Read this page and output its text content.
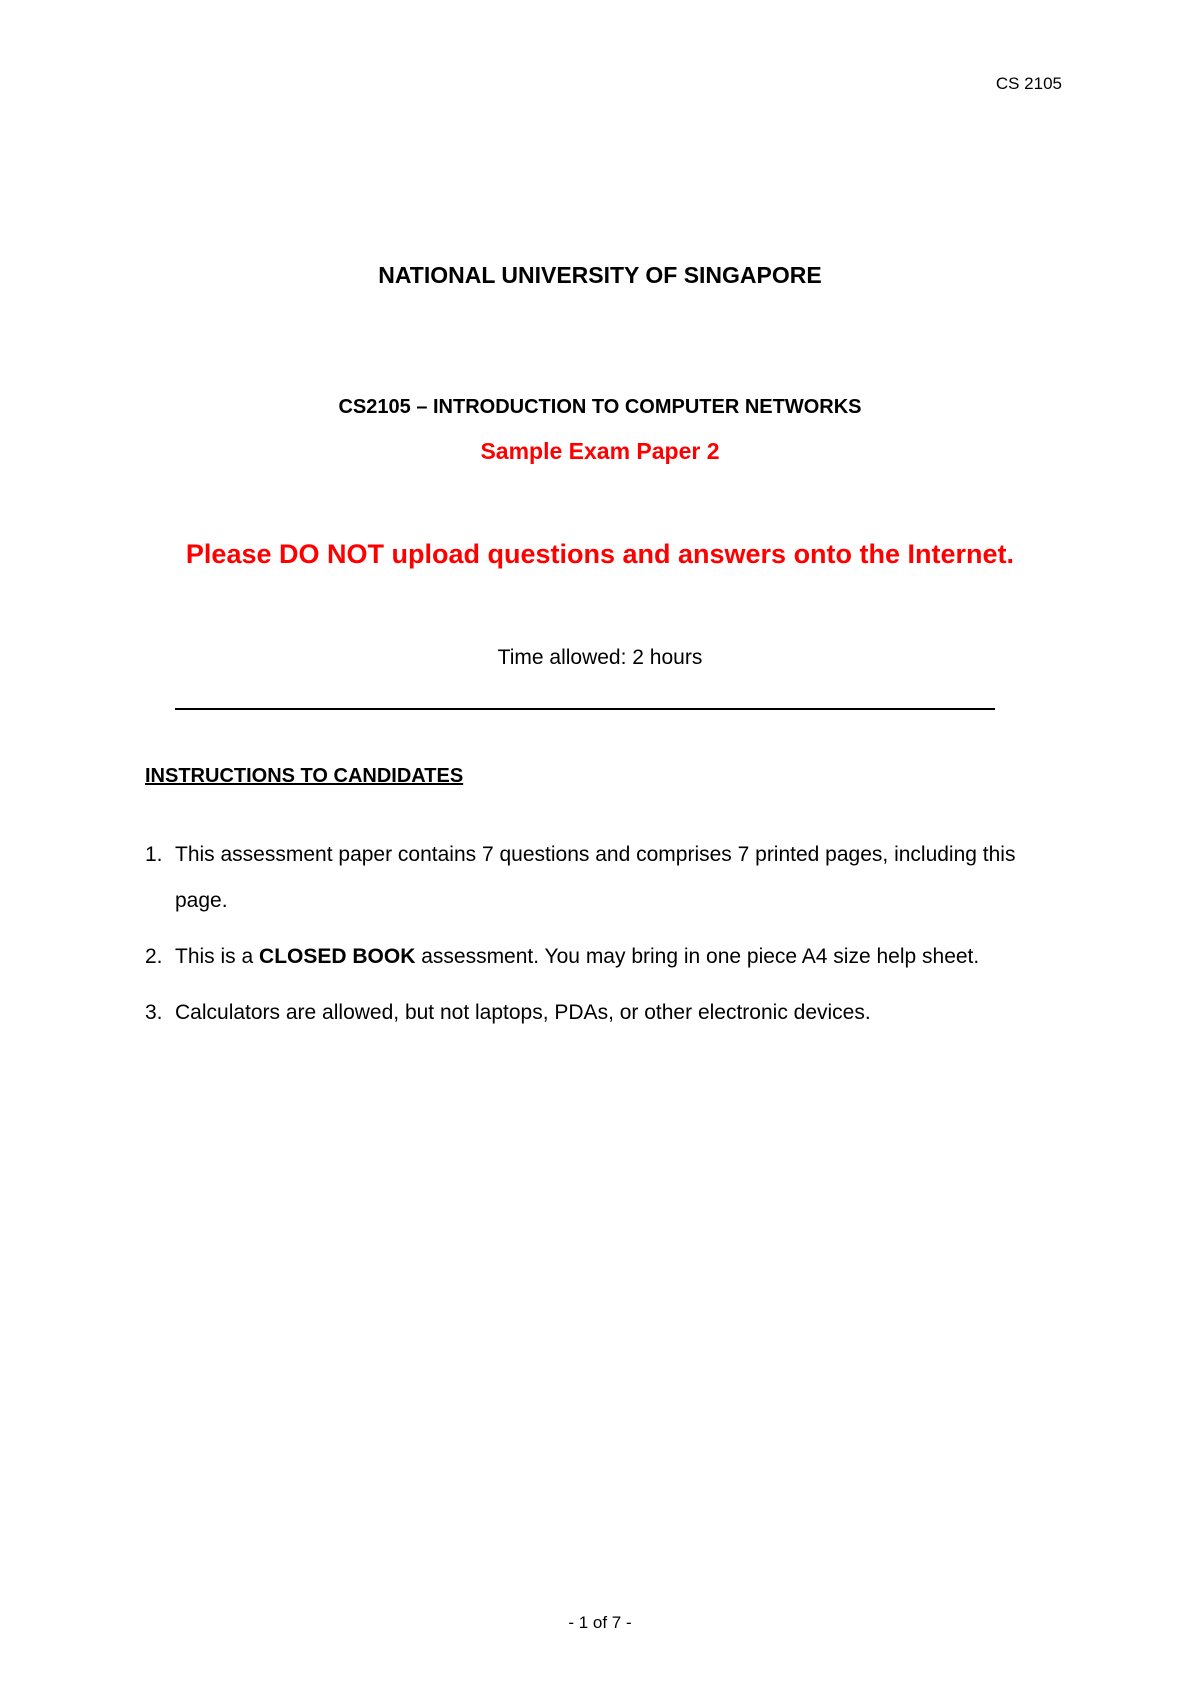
CS 2105
NATIONAL UNIVERSITY OF SINGAPORE
CS2105 – INTRODUCTION TO COMPUTER NETWORKS
Sample Exam Paper 2
Please DO NOT upload questions and answers onto the Internet.
Time allowed: 2 hours
INSTRUCTIONS TO CANDIDATES
1. This assessment paper contains 7 questions and comprises 7 printed pages, including this page.
2. This is a CLOSED BOOK assessment. You may bring in one piece A4 size help sheet.
3. Calculators are allowed, but not laptops, PDAs, or other electronic devices.
- 1 of 7 -
